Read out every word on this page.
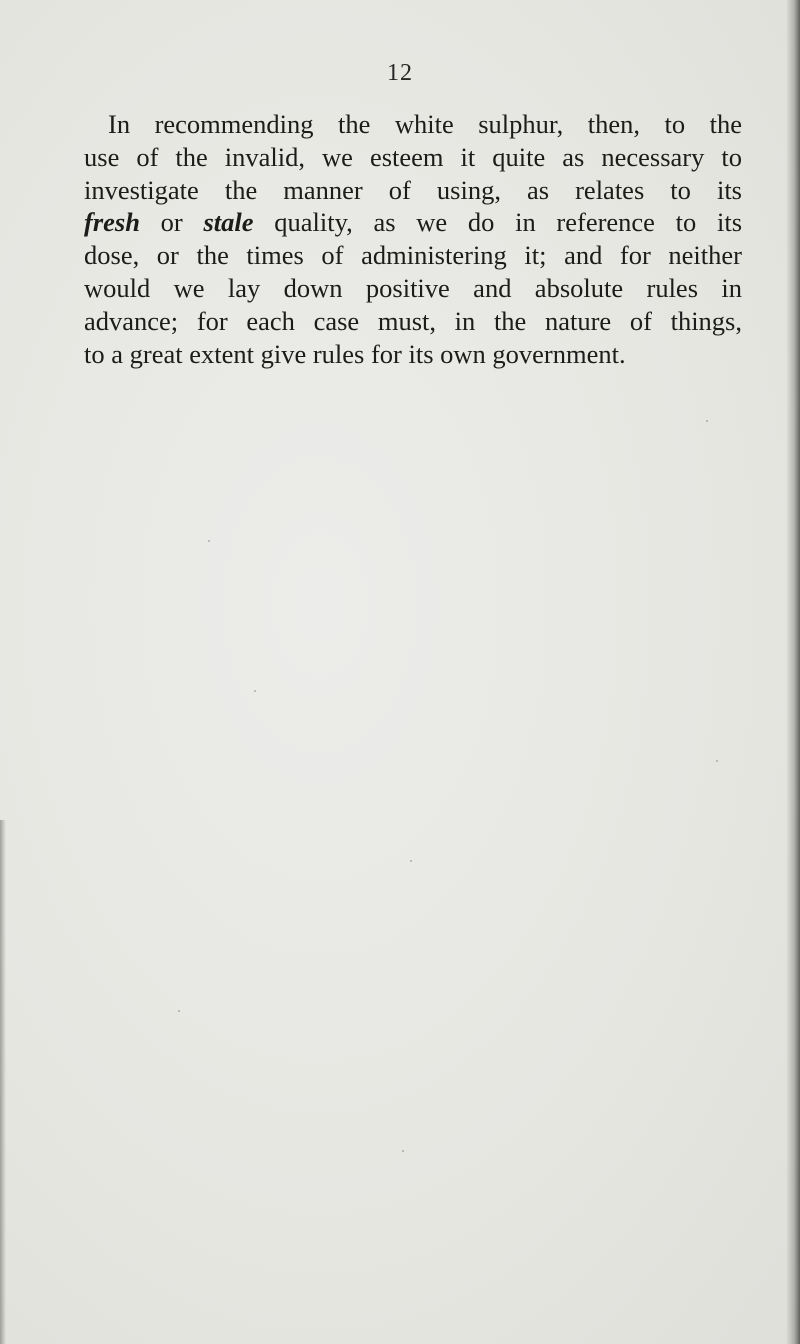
12
In recommending the white sulphur, then, to the
use of the invalid, we esteem it quite as necessary to
investigate the manner of using, as relates to its
fresh or stale quality, as we do in reference to its
dose, or the times of administering it; and for neither
would we lay down positive and absolute rules in
advance; for each case must, in the nature of things,
to a great extent give rules for its own government.
